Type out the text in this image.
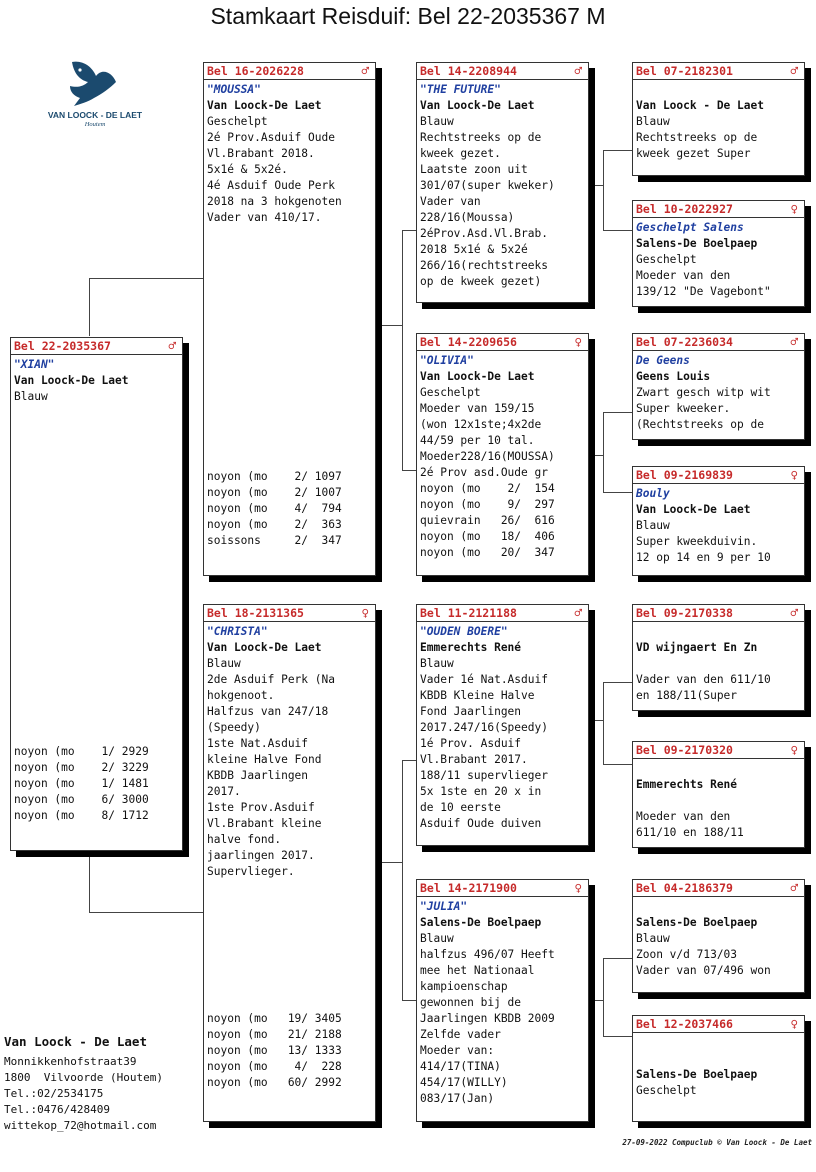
Stamkaart Reisduif: Bel 22-2035367 M
VAN LOOCK - DE LAET
Houtem
Bel 22-2035367	♂
"XIAN"
Van Loock-De Laet
Blauw
noyon (mo    1/ 2929
noyon (mo    2/ 3229
noyon (mo    1/ 1481
noyon (mo    6/ 3000
noyon (mo    8/ 1712
Bel 16-2026228	♂
"MOUSSA"
Van Loock-De Laet
Geschelpt
2é Prov.Asduif Oude
Vl.Brabant 2018.
5x1é & 5x2é.
4é Asduif Oude Perk
2018 na 3 hokgenoten
Vader van 410/17.
noyon (mo    2/ 1097
noyon (mo    2/ 1007
noyon (mo    4/  794
noyon (mo    2/  363
soissons     2/  347
Bel 18-2131365	♀
"CHRISTA"
Van Loock-De Laet
Blauw
2de Asduif Perk (Na
hokgenoot.
Halfzus van 247/18
(Speedy)
1ste Nat.Asduif
kleine Halve Fond
KBDB Jaarlingen
2017.
1ste Prov.Asduif
Vl.Brabant kleine
halve fond.
jaarlingen 2017.
Supervlieger.
noyon (mo   19/ 3405
noyon (mo   21/ 2188
noyon (mo   13/ 1333
noyon (mo    4/  228
noyon (mo   60/ 2992
Bel 14-2208944	♂
"THE FUTURE"
Van Loock-De Laet
Blauw
Rechtstreeks op de
kweek gezet.
Laatste zoon uit
301/07(super kweker)
Vader van
228/16(Moussa)
2éProv.Asd.Vl.Brab.
2018 5x1é & 5x2é
266/16(rechtstreeks
op de kweek gezet)
Bel 14-2209656	♀
"OLIVIA"
Van Loock-De Laet
Geschelpt
Moeder van 159/15
(won 12x1ste;4x2de
44/59 per 10 tal.
Moeder228/16(MOUSSA)
2é Prov asd.Oude gr
noyon (mo    2/  154
noyon (mo    9/  297
quievrain   26/  616
noyon (mo   18/  406
noyon (mo   20/  347
Bel 11-2121188	♂
"OUDEN BOERE"
Emmerechts René
Blauw
Vader 1é Nat.Asduif
KBDB Kleine Halve
Fond Jaarlingen
2017.247/16(Speedy)
1é Prov. Asduif
Vl.Brabant 2017.
188/11 supervlieger
5x 1ste en 20 x in
de 10 eerste
Asduif Oude duiven
Bel 14-2171900	♀
"JULIA"
Salens-De Boelpaep
Blauw
halfzus 496/07 Heeft
mee het Nationaal
kampioenschap
gewonnen bij de
Jaarlingen KBDB 2009
Zelfde vader
Moeder van:
414/17(TINA)
454/17(WILLY)
083/17(Jan)
Bel 07-2182301	♂
Van Loock - De Laet
Blauw
Rechtstreeks op de
kweek gezet Super
Bel 10-2022927	♀
Geschelpt Salens
Salens-De Boelpaep
Geschelpt
Moeder van den
139/12 "De Vagebont"
Bel 07-2236034	♂
De Geens
Geens Louis
Zwart gesch witp wit
Super kweeker.
(Rechtstreeks op de
Bel 09-2169839	♀
Bouly
Van Loock-De Laet
Blauw
Super kweekduivin.
12 op 14 en 9 per 10
Bel 09-2170338	♂
VD wijngaert En Zn
Vader van den 611/10
en 188/11(Super
Bel 09-2170320	♀
Emmerechts René
Moeder van den
611/10 en 188/11
Bel 04-2186379	♂
Salens-De Boelpaep
Blauw
Zoon v/d 713/03
Vader van 07/496 won
Bel 12-2037466	♀
Salens-De Boelpaep
Geschelpt
Van Loock - De Laet
Monnikkenhofstraat39
1800  Vilvoorde (Houtem)
Tel.:02/2534175
Tel.:0476/428409
wittekop_72@hotmail.com
27-09-2022 Compuclub © Van Loock - De Laet
